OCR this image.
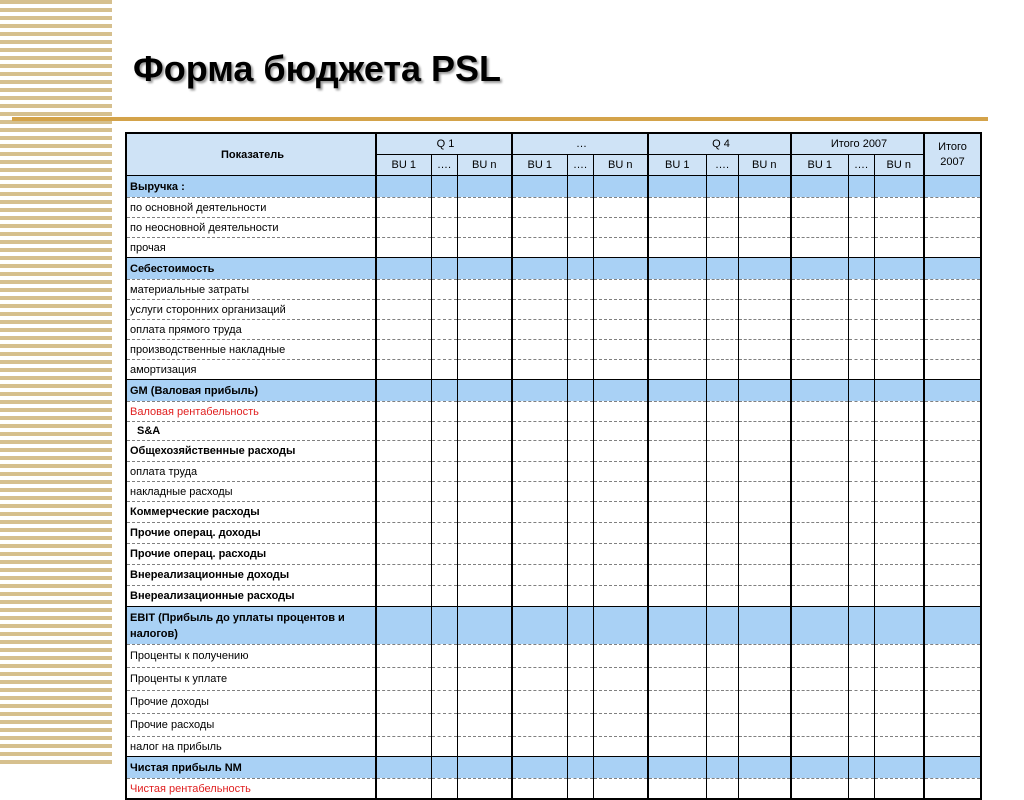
Форма бюджета PSL
Показатель	Q 1			…			Q 4			Итого 2007			Итого 2007
	BU 1	….	BU n	BU 1	….	BU n	BU 1	….	BU n	BU 1	….	BU n	
Выручка :													
по основной деятельности													
по неосновной деятельности													
прочая													
Себестоимость													
материальные затраты													
услуги сторонних организаций													
оплата прямого труда													
производственные накладные													
амортизация													
GM (Валовая прибыль)													
Валовая рентабельность													
S&A													
Общехозяйственные расходы													
оплата труда													
накладные расходы													
Коммерческие расходы													
Прочие операц. доходы													
Прочие операц. расходы													
Внереализационные доходы													
Внереализационные расходы													
EBIT (Прибыль до уплаты процентов и налогов)													
Проценты к получению													
Проценты к уплате													
Прочие доходы													
Прочие расходы													
налог на прибыль													
Чистая прибыль NM													
Чистая рентабельность													
